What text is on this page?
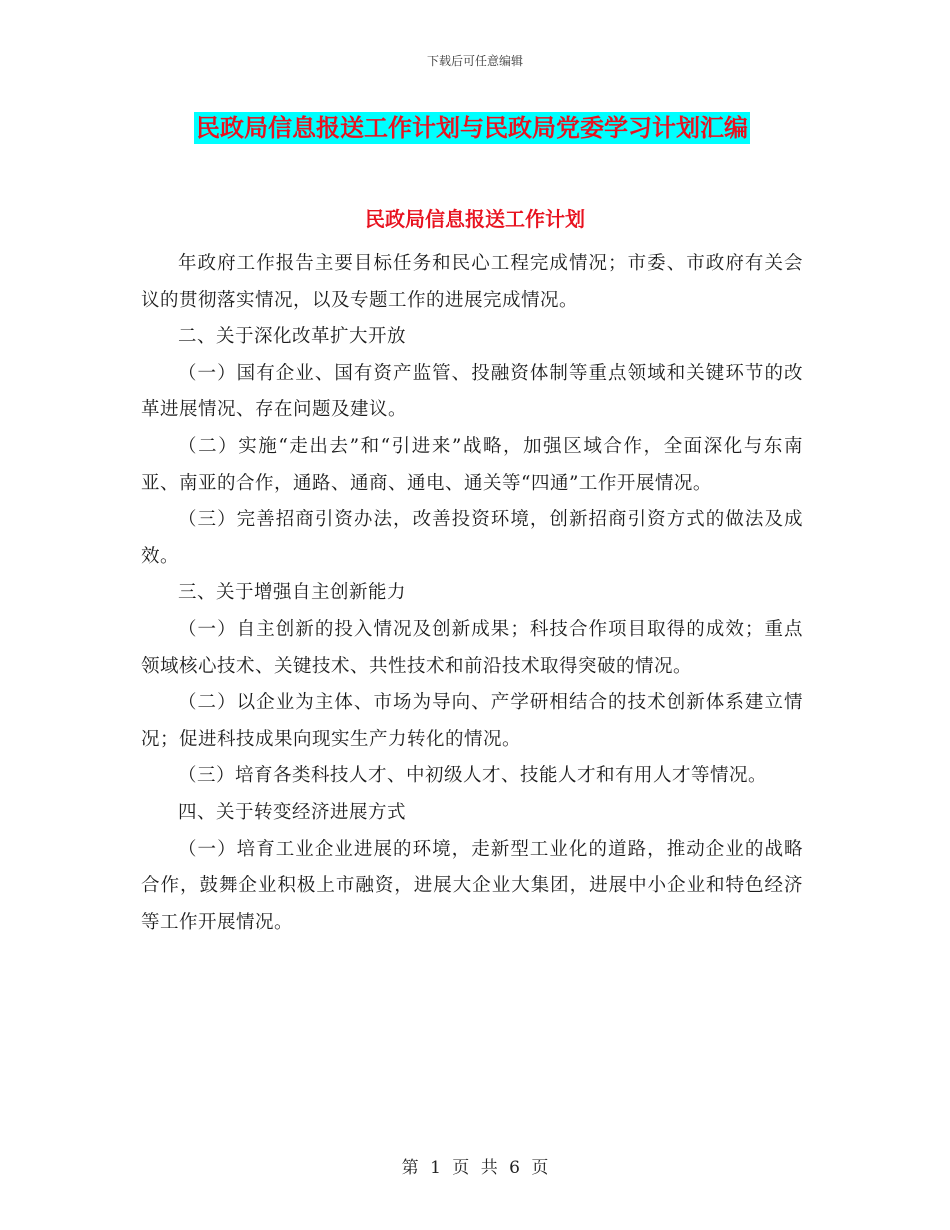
下载后可任意编辑
民政局信息报送工作计划与民政局党委学习计划汇编
民政局信息报送工作计划

年政府工作报告主要目标任务和民心工程完成情况；市委、市政府有关会议的贯彻落实情况，以及专题工作的进展完成情况。

二、关于深化改革扩大开放

（一）国有企业、国有资产监管、投融资体制等重点领域和关键环节的改革进展情况、存在问题及建议。

（二）实施“走出去”和“引进来”战略，加强区域合作，全面深化与东南亚、南亚的合作，通路、通商、通电、通关等“四通”工作开展情况。

（三）完善招商引资办法，改善投资环境，创新招商引资方式的做法及成效。

三、关于增强自主创新能力

（一）自主创新的投入情况及创新成果；科技合作项目取得的成效；重点领域核心技术、关键技术、共性技术和前沿技术取得突破的情况。

（二）以企业为主体、市场为导向、产学研相结合的技术创新体系建立情况；促进科技成果向现实生产力转化的情况。

（三）培育各类科技人才、中初级人才、技能人才和有用人才等情况。

四、关于转变经济进展方式

（一）培育工业企业进展的环境，走新型工业化的道路，推动企业的战略合作，鼓舞企业积极上市融资，进展大企业大集团，进展中小企业和特色经济等工作开展情况。

第 1 页 共 6 页
